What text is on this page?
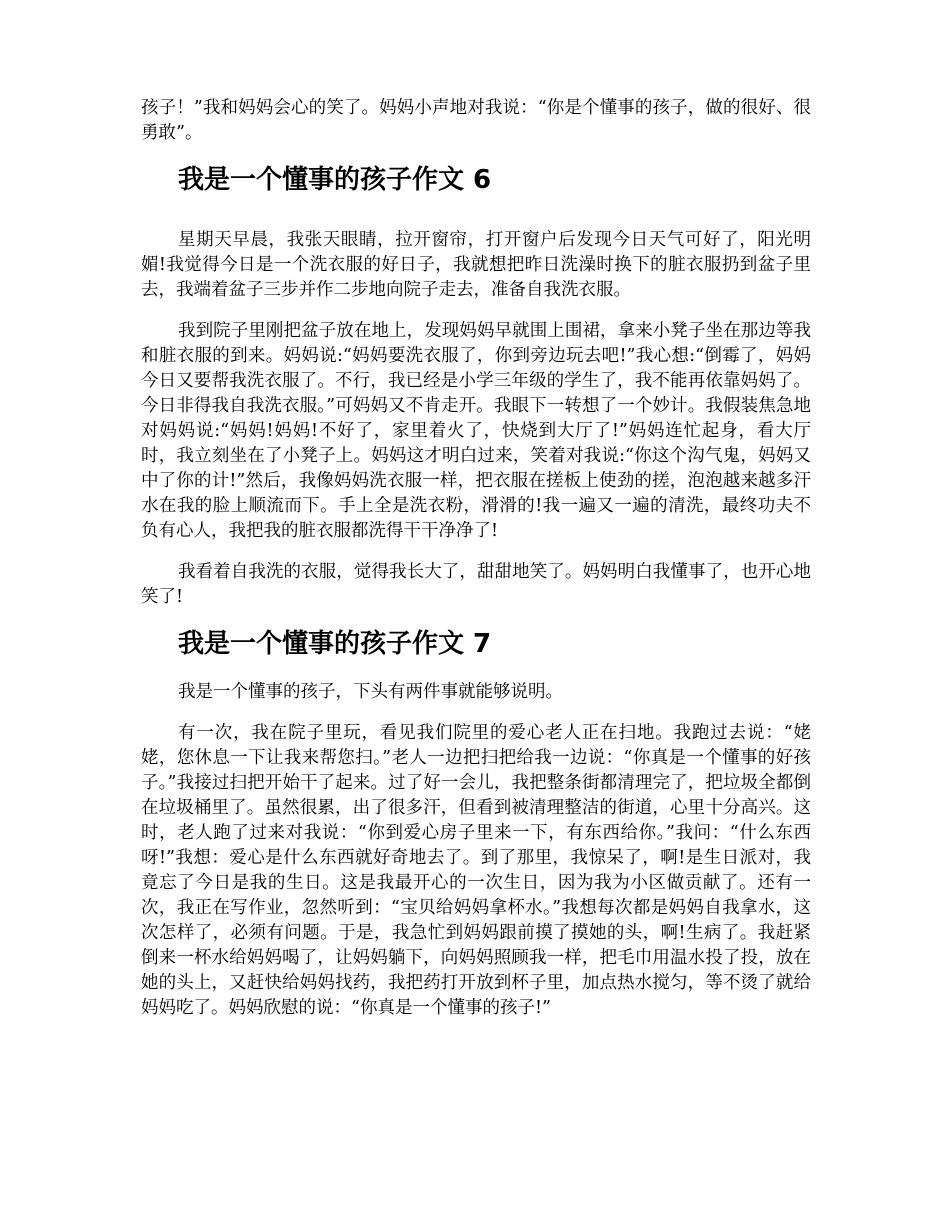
孩子！”我和妈妈会心的笑了。妈妈小声地对我说：“你是个懂事的孩子，做的很好、很勇敢”。

我是一个懂事的孩子作文 6

星期天早晨，我张天眼睛，拉开窗帘，打开窗户后发现今日天气可好了，阳光明媚!我觉得今日是一个洗衣服的好日子，我就想把昨日洗澡时换下的脏衣服扔到盆子里去，我端着盆子三步并作二步地向院子走去，准备自我洗衣服。

我到院子里刚把盆子放在地上，发现妈妈早就围上围裙，拿来小凳子坐在那边等我和脏衣服的到来。妈妈说:“妈妈要洗衣服了，你到旁边玩去吧!”我心想:“倒霉了，妈妈今日又要帮我洗衣服了。不行，我已经是小学三年级的学生了，我不能再依靠妈妈了。今日非得我自我洗衣服。”可妈妈又不肯走开。我眼下一转想了一个妙计。我假装焦急地对妈妈说:“妈妈!妈妈!不好了，家里着火了，快烧到大厅了!”妈妈连忙起身，看大厅时，我立刻坐在了小凳子上。妈妈这才明白过来，笑着对我说:“你这个沟气鬼，妈妈又中了你的计!”然后，我像妈妈洗衣服一样，把衣服在搓板上使劲的搓，泡泡越来越多汗水在我的脸上顺流而下。手上全是洗衣粉，滑滑的!我一遍又一遍的清洗，最终功夫不负有心人，我把我的脏衣服都洗得干干净净了!

我看着自我洗的衣服，觉得我长大了，甜甜地笑了。妈妈明白我懂事了，也开心地笑了!

我是一个懂事的孩子作文 7

我是一个懂事的孩子，下头有两件事就能够说明。

有一次，我在院子里玩，看见我们院里的爱心老人正在扫地。我跑过去说：“姥姥，您休息一下让我来帮您扫。”老人一边把扫把给我一边说：“你真是一个懂事的好孩子。”我接过扫把开始干了起来。过了好一会儿，我把整条街都清理完了，把垃圾全都倒在垃圾桶里了。虽然很累，出了很多汗，但看到被清理整洁的街道，心里十分高兴。这时，老人跑了过来对我说：“你到爱心房子里来一下，有东西给你。”我问：“什么东西呀!”我想：爱心是什么东西就好奇地去了。到了那里，我惊呆了，啊!是生日派对，我竟忘了今日是我的生日。这是我最开心的一次生日，因为我为小区做贡献了。还有一次，我正在写作业，忽然听到：“宝贝给妈妈拿杯水。”我想每次都是妈妈自我拿水，这次怎样了，必须有问题。于是，我急忙到妈妈跟前摸了摸她的头，啊!生病了。我赶紧倒来一杯水给妈妈喝了，让妈妈躺下，向妈妈照顾我一样，把毛巾用温水投了投，放在她的头上，又赶快给妈妈找药，我把药打开放到杯子里，加点热水搅匀，等不烫了就给妈妈吃了。妈妈欣慰的说：“你真是一个懂事的孩子!”
